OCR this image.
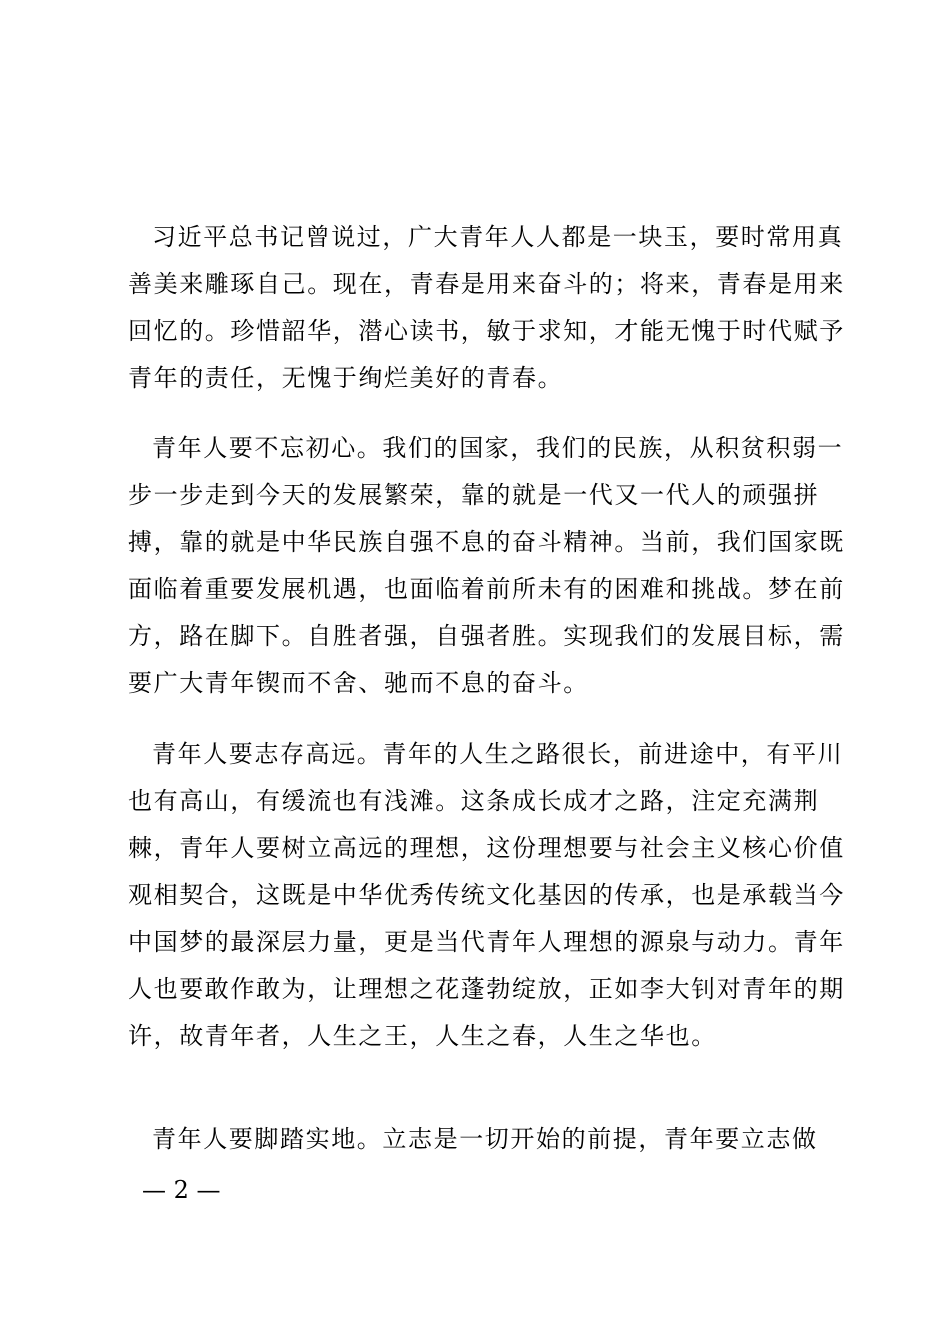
习近平总书记曾说过，广大青年人人都是一块玉，要时常用真善美来雕琢自己。现在，青春是用来奋斗的；将来，青春是用来回忆的。珍惜韶华，潜心读书，敏于求知，才能无愧于时代赋予青年的责任，无愧于绚烂美好的青春。

青年人要不忘初心。我们的国家，我们的民族，从积贫积弱一步一步走到今天的发展繁荣，靠的就是一代又一代人的顽强拼搏，靠的就是中华民族自强不息的奋斗精神。当前，我们国家既面临着重要发展机遇，也面临着前所未有的困难和挑战。梦在前方，路在脚下。自胜者强，自强者胜。实现我们的发展目标，需要广大青年锲而不舍、驰而不息的奋斗。

青年人要志存高远。青年的人生之路很长，前进途中，有平川也有高山，有缓流也有浅滩。这条成长成才之路，注定充满荆棘，青年人要树立高远的理想，这份理想要与社会主义核心价值观相契合，这既是中华优秀传统文化基因的传承，也是承载当今中国梦的最深层力量，更是当代青年人理想的源泉与动力。青年人也要敢作敢为，让理想之花蓬勃绽放，正如李大钊对青年的期许，故青年者，人生之王，人生之春，人生之华也。

青年人要脚踏实地。立志是一切开始的前提，青年要立志做

— 2 —
